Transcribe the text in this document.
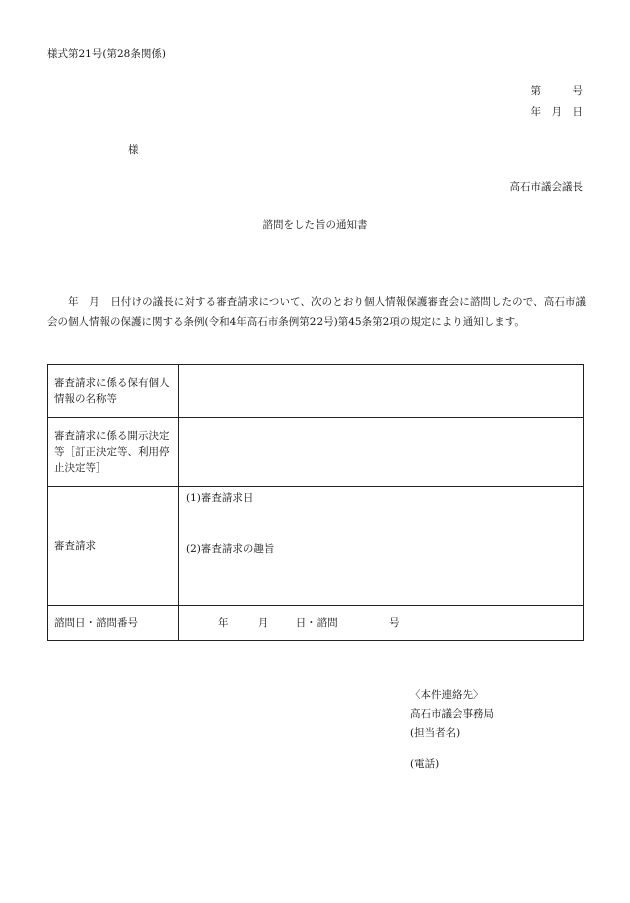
様式第21号(第28条関係)
第　　　号
年　月　日
様
高石市議会議長
諮問をした旨の通知書
年　月　日付けの議長に対する審査請求について、次のとおり個人情報保護審査会に諮問したので、高石市議会の個人情報の保護に関する条例(令和4年高石市条例第22号)第45条第2項の規定により通知します。
審査請求に係る保有個人情報の名称等	
審査請求に係る開示決定等［訂正決定等、利用停止決定等］	
審査請求	(1)審査請求日
(2)審査請求の趣旨

諮問日・諮問番号	年 月 日・諮問 号
〈本件連絡先〉
高石市議会事務局
(担当者名)
(電話)
